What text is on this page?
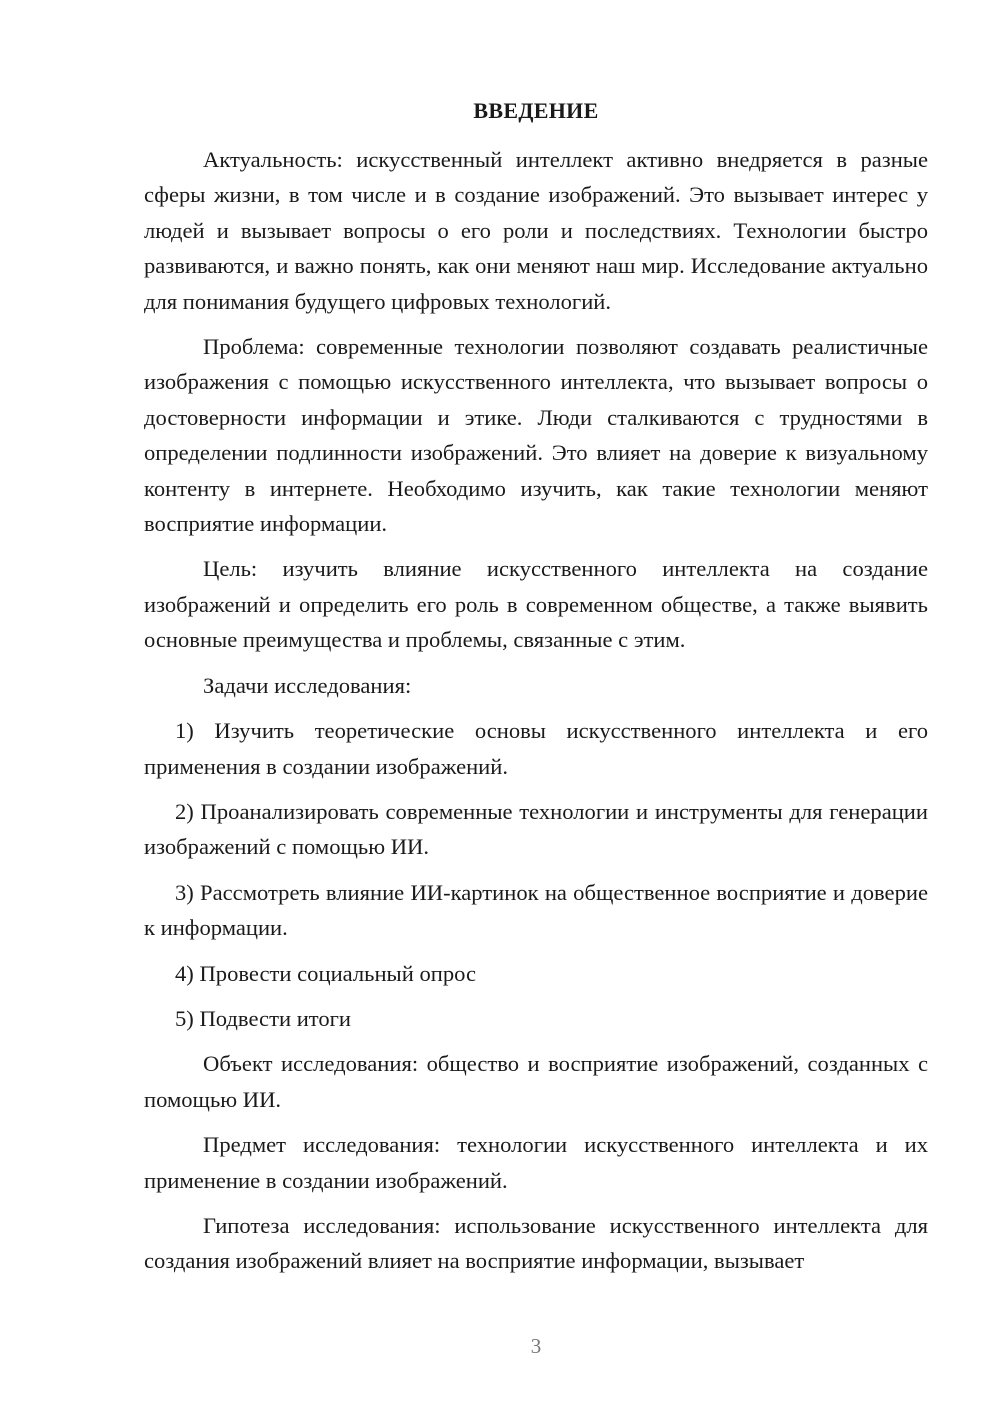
ВВЕДЕНИЕ

Актуальность: искусственный интеллект активно внедряется в разные сферы жизни, в том числе и в создание изображений. Это вызывает интерес у людей и вызывает вопросы о его роли и последствиях. Технологии быстро развиваются, и важно понять, как они меняют наш мир. Исследование актуально для понимания будущего цифровых технологий.

Проблема: современные технологии позволяют создавать реалистичные изображения с помощью искусственного интеллекта, что вызывает вопросы о достоверности информации и этике. Люди сталкиваются с трудностями в определении подлинности изображений. Это влияет на доверие к визуальному контенту в интернете. Необходимо изучить, как такие технологии меняют восприятие информации.

Цель: изучить влияние искусственного интеллекта на создание изображений и определить его роль в современном обществе, а также выявить основные преимущества и проблемы, связанные с этим.

Задачи исследования:

1) Изучить теоретические основы искусственного интеллекта и его применения в создании изображений.

2) Проанализировать современные технологии и инструменты для генерации изображений с помощью ИИ.

3) Рассмотреть влияние ИИ-картинок на общественное восприятие и доверие к информации.

4) Провести социальный опрос

5) Подвести итоги

Объект исследования: общество и восприятие изображений, созданных с помощью ИИ.

Предмет исследования: технологии искусственного интеллекта и их применение в создании изображений.

Гипотеза исследования: использование искусственного интеллекта для создания изображений влияет на восприятие информации, вызывает

3
